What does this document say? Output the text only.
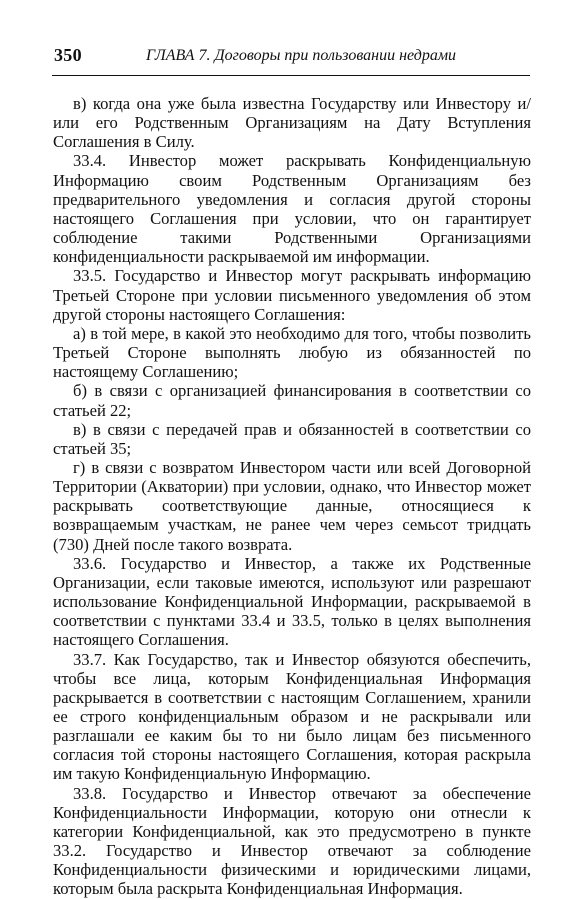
350	ГЛАВА 7. Договоры при пользовании недрами

в) когда она уже была известна Государству или Инвестору и/или его Родственным Организациям на Дату Вступления Соглашения в Силу.

33.4. Инвестор может раскрывать Конфиденциальную Информацию своим Родственным Организациям без предварительного уведомления и согласия другой стороны настоящего Соглашения при условии, что он гарантирует соблюдение такими Родственными Организациями конфиденциальности раскрываемой им информации.

33.5. Государство и Инвестор могут раскрывать информацию Третьей Стороне при условии письменного уведомления об этом другой стороны настоящего Соглашения:

а) в той мере, в какой это необходимо для того, чтобы позволить Третьей Стороне выполнять любую из обязанностей по настоящему Соглашению;

б) в связи с организацией финансирования в соответствии со статьей 22;

в) в связи с передачей прав и обязанностей в соответствии со статьей 35;

г) в связи с возвратом Инвестором части или всей Договорной Территории (Акватории) при условии, однако, что Инвестор может раскрывать соответствующие данные, относящиеся к возвращаемым участкам, не ранее чем через семьсот тридцать (730) Дней после такого возврата.

33.6. Государство и Инвестор, а также их Родственные Организации, если таковые имеются, используют или разрешают использование Конфиденциальной Информации, раскрываемой в соответствии с пунктами 33.4 и 33.5, только в целях выполнения настоящего Соглашения.

33.7. Как Государство, так и Инвестор обязуются обеспечить, чтобы все лица, которым Конфиденциальная Информация раскрывается в соответствии с настоящим Соглашением, хранили ее строго конфиденциальным образом и не раскрывали или разглашали ее каким бы то ни было лицам без письменного согласия той стороны настоящего Соглашения, которая раскрыла им такую Конфиденциальную Информацию.

33.8. Государство и Инвестор отвечают за обеспечение Конфиденциальности Информации, которую они отнесли к категории Конфиденциальной, как это предусмотрено в пункте 33.2. Государство и Инвестор отвечают за соблюдение Конфиденциальности физическими и юридическими лицами, которым была раскрыта Конфиденциальная Информация.
